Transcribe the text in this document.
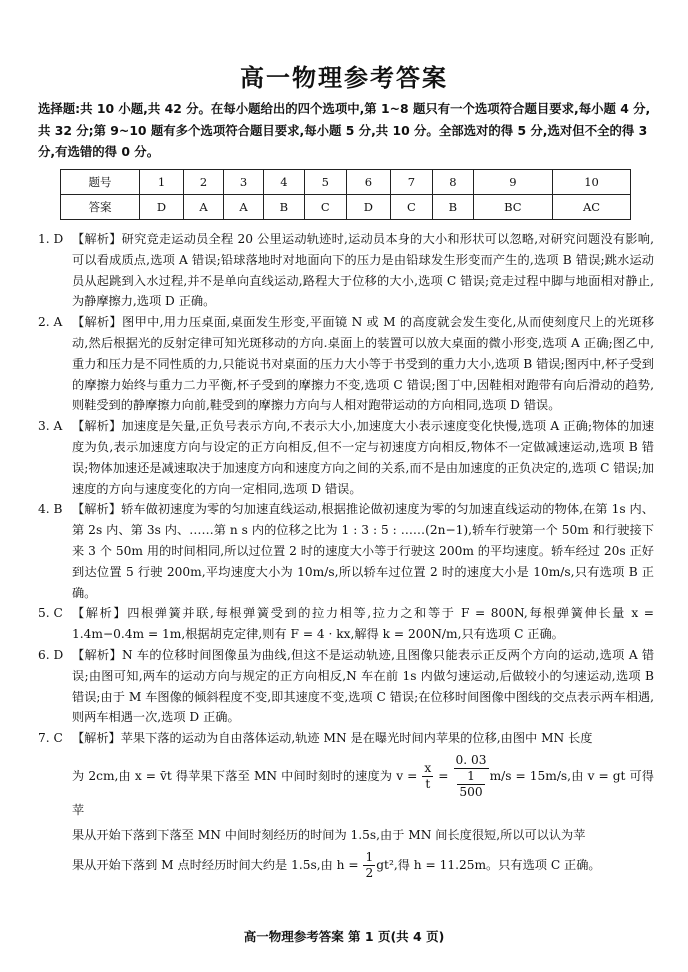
高一物理参考答案
选择题:共 10 小题,共 42 分。在每小题给出的四个选项中,第 1~8 题只有一个选项符合题目要求,每小题 4 分,共 32 分;第 9~10 题有多个选项符合题目要求,每小题 5 分,共 10 分。全部选对的得 5 分,选对但不全的得 3 分,有选错的得 0 分。
题号	1	2	3	4	5	6	7	8	9	10
答案	D	A	A	B	C	D	C	B	BC	AC
1. D 【解析】研究竞走运动员全程 20 公里运动轨迹时,运动员本身的大小和形状可以忽略,对研究问题没有影响,可以看成质点,选项 A 错误;铅球落地时对地面向下的压力是由铅球发生形变而产生的,选项 B 错误;跳水运动员从起跳到入水过程,并不是单向直线运动,路程大于位移的大小,选项 C 错误;竞走过程中脚与地面相对静止,为静摩擦力,选项 D 正确。
2. A 【解析】图甲中,用力压桌面,桌面发生形变,平面镜 N 或 M 的高度就会发生变化,从而使刻度尺上的光斑移动,然后根据光的反射定律可知光斑移动的方向.桌面上的装置可以放大桌面的微小形变,选项 A 正确;图乙中,重力和压力是不同性质的力,只能说书对桌面的压力大小等于书受到的重力大小,选项 B 错误;图丙中,杯子受到的摩擦力始终与重力二力平衡,杯子受到的摩擦力不变,选项 C 错误;图丁中,因鞋相对跑带有向后滑动的趋势,则鞋受到的静摩擦力向前,鞋受到的摩擦力方向与人相对跑带运动的方向相同,选项 D 错误。
3. A 【解析】加速度是矢量,正负号表示方向,不表示大小,加速度大小表示速度变化快慢,选项 A 正确;物体的加速度为负,表示加速度方向与设定的正方向相反,但不一定与初速度方向相反,物体不一定做减速运动,选项 B 错误;物体加速还是减速取决于加速度方向和速度方向之间的关系,而不是由加速度的正负决定的,选项 C 错误;加速度的方向与速度变化的方向一定相同,选项 D 错误。
4. B 【解析】轿车做初速度为零的匀加速直线运动,根据推论做初速度为零的匀加速直线运动的物体,在第 1s 内、第 2s 内、第 3s 内、……第 n s 内的位移之比为 1 : 3 : 5 : ……(2n−1),轿车行驶第一个 50m 和行驶接下来 3 个 50m 用的时间相同,所以过位置 2 时的速度大小等于行驶这 200m 的平均速度。轿车经过 20s 正好到达位置 5 行驶 200m,平均速度大小为 10m/s,所以轿车过位置 2 时的速度大小是 10m/s,只有选项 B 正确。
5. C 【解析】四根弹簧并联,每根弹簧受到的拉力相等,拉力之和等于 F = 800N,每根弹簧伸长量 x = 1.4m−0.4m = 1m,根据胡克定律,则有 F = 4 · kx,解得 k = 200N/m,只有选项 C 正确。
6. D 【解析】N 车的位移时间图像虽为曲线,但这不是运动轨迹,且图像只能表示正反两个方向的运动,选项 A 错误;由图可知,两车的运动方向与规定的正方向相反,N 车在前 1s 内做匀速运动,后做较小的匀速运动,选项 B 错误;由于 M 车图像的倾斜程度不变,即其速度不变,选项 C 错误;在位移时间图像中图线的交点表示两车相遇,则两车相遇一次,选项 D 正确。
7. C 【解析】苹果下落的运动为自由落体运动,轨迹 MN 是在曝光时间内苹果的位移,由图中 MN 长度

为 2cm,由 x = v̄t 得苹果下落至 MN 中间时刻时的速度为 $v = \frac{x}{t} = \frac{0. 03}{\frac{1}{500}} m/s = 15m/s$,由 v = gt 可得苹

果从开始下落到下落至 MN 中间时刻经历的时间为 1.5s,由于 MN 间长度很短,所以可以认为苹

果从开始下落到 M 点时经历时间大约是 1.5s,由 $h = \frac{1}{2} gt^2$,得 h = 11.25m。只有选项 C 正确。

高一物理参考答案 第 1 页(共 4 页)
